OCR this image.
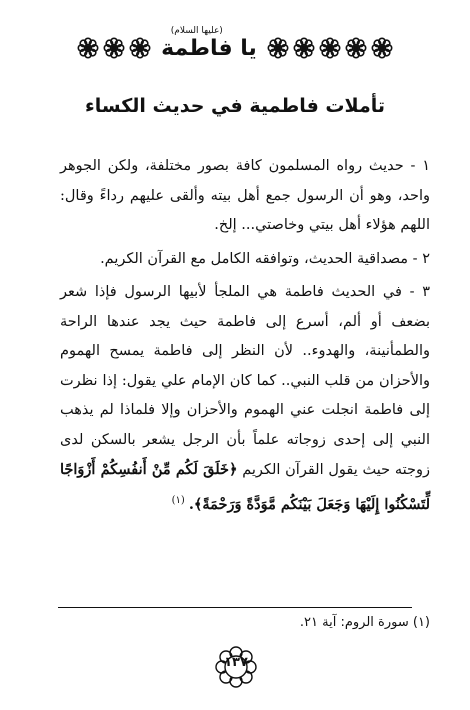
يا فاطمة
(عليها السلام)
تأملات فاطمية في حديث الكساء

١ - حديث رواه المسلمون كافة بصور مختلفة، ولكن الجوهر واحد، وهو أن الرسول جمع أهل بيته وألقى عليهم رداءً وقال: اللهم هؤلاء أهل بيتي وخاصتي... إلخ.

٢ - مصداقية الحديث، وتوافقه الكامل مع القرآن الكريم.

٣ - في الحديث فاطمة هي الملجأ لأبيها الرسول فإذا شعر بضعف أو ألم، أسرع إلى فاطمة حيث يجد عندها الراحة والطمأنينة، والهدوء.. لأن النظر إلى فاطمة يمسح الهموم والأحزان من قلب النبي.. كما كان الإمام علي يقول: إذا نظرت إلى فاطمة انجلت عني الهموم والأحزان وإلا فلماذا لم يذهب النبي إلى إحدى زوجاته علماً بأن الرجل يشعر بالسكن لدى زوجته حيث يقول القرآن الكريم ﴿خَلَقَ لَكُم مِّنْ أَنفُسِكُمْ أَزْوَاجًا لِّتَسْكُنُوا إِلَيْهَا وَجَعَلَ بَيْنَكُم مَّوَدَّةً وَرَحْمَةً﴾.$^{(١)}$

(١) سورة الروم: آية ٢١.
١٣٧
